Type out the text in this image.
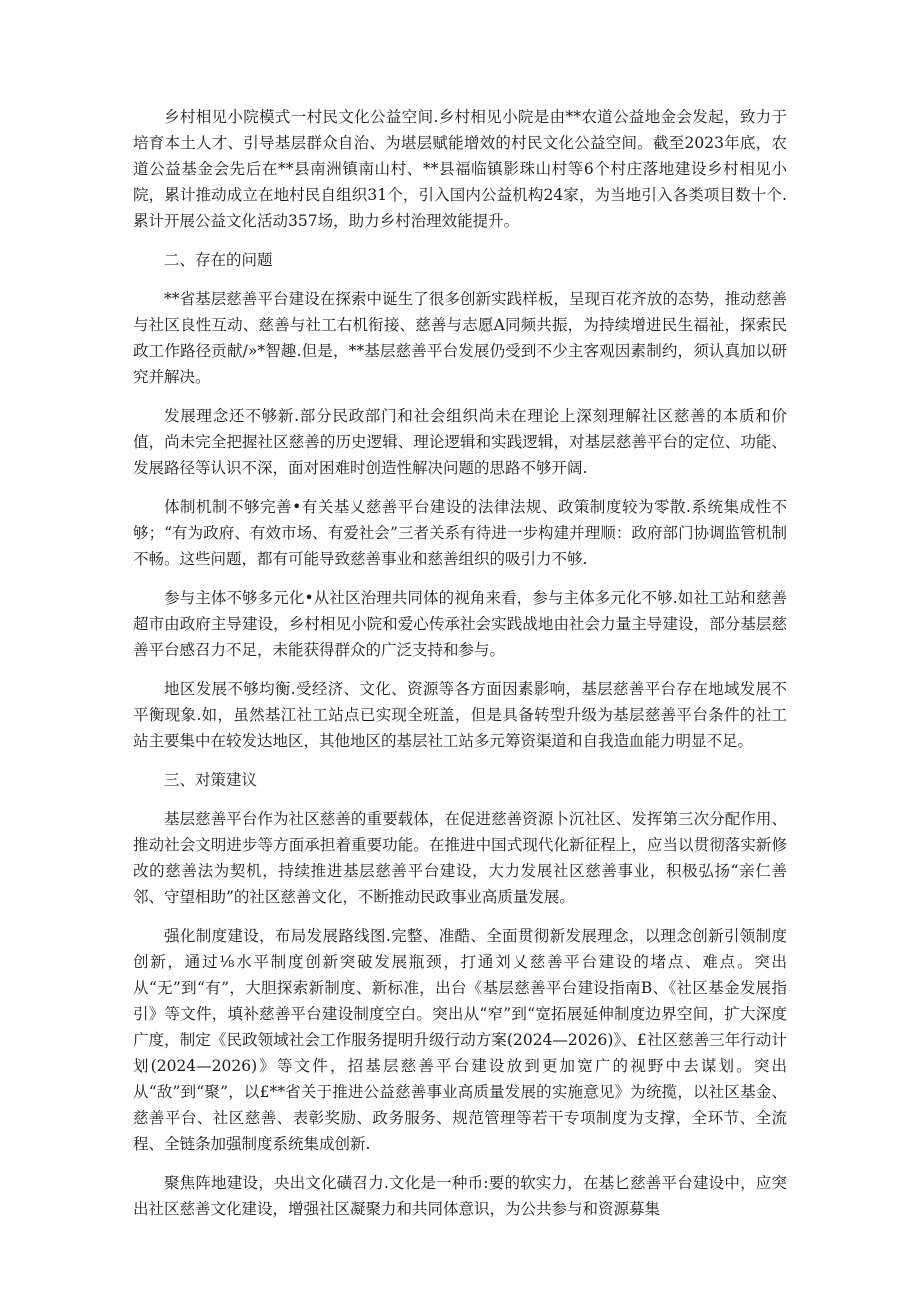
乡村相见小院模式一村民文化公益空间.乡村相见小院是由**农道公益地金会发起，致力于培育本土人才、引导基层群众自治、为堪层赋能增效的村民文化公益空间。截至2023年底，农道公益基金会先后在**县南洲镇南山村、**县福临镇影珠山村等6个村庄落地建设乡村相见小院，累计推动成立在地村民自组织31个，引入国内公益机构24家，为当地引入各类项目数十个.累计开展公益文化活动357场，助力乡村治理效能提升。

二、存在的问题

**省基层慈善平台建设在探索中诞生了很多创新实践样板，呈现百花齐放的态势，推动慈善与社区良性互动、慈善与社工右机衔接、慈善与志愿A同频共振，为持续增进民生福祉，探索民政工作路径贡献/»*智趣.但是，**基层慈善平台发展仍受到不少主客观因素制约，须认真加以研究并解决。

发展理念还不够新.部分民政部门和社会组织尚未在理论上深刻理解社区慈善的本质和价值，尚未完全把握社区慈善的历史逻辑、理论逻辑和实践逻辑，对基层慈善平台的定位、功能、发展路径等认识不深，面对困难时创造性解决问题的思路不够开阔.

体制机制不够完善•有关基乂慈善平台建设的法律法规、政策制度较为零散.系统集成性不够；“有为政府、有效市场、有爱社会”三者关系有待进一步构建并理顺：政府部门协调监管机制不畅。这些问题，都有可能导致慈善事业和慈善组织的吸引力不够.

参与主体不够多元化•从社区治理共同体的视角来看，参与主体多元化不够.如社工站和慈善超市由政府主导建设，乡村相见小院和爱心传承社会实践战地由社会力量主导建设，部分基层慈善平台感召力不足，未能获得群众的广泛支持和参与。

地区发展不够均衡.受经济、文化、资源等各方面因素影响，基层慈善平台存在地域发展不平衡现象.如，虽然基江社工站点已实现全班盖，但是具备转型升级为基层慈善平台条件的社工站主要集中在较发达地区，其他地区的基层社工站多元筹资渠道和自我造血能力明显不足。

三、对策建议

基层慈善平台作为社区慈善的重要载体，在促进慈善资源卜沉社区、发挥第三次分配作用、推动社会文明进步等方面承担着重要功能。在推进中国式现代化新征程上，应当以贯彻落实新修改的慈善法为契机，持续推进基层慈善平台建设，大力发展社区慈善事业，积极弘扬“亲仁善邻、守望相助”的社区慈善文化，不断推动民政事业高质量发展。

强化制度建设，布局发展路线图.完整、准酷、全面贯彻新发展理念，以理念创新引领制度创新，通过⅛水平制度创新突破发展瓶颈，打通刘乂慈善平台建设的堵点、难点。突出从“无”到“有”，大胆探索新制度、新标准，出台《基层慈善平台建设指南B、《社区基金发展指引》等文件，填补慈善平台建设制度空白。突出从“窄”到“宽拓展延伸制度边界空间，扩大深度广度，制定《民政领域社会工作服务提明升级行动方案(2024—2026)》、£社区慈善三年行动计划(2024—2026)》等文件，招基层慈善平台建设放到更加宽广的视野中去谋划。突出从“敌”到“聚”，以£**省关于推进公益慈善事业高质量发展的实施意见》为统揽，以社区基金、慈善平台、社区慈善、表彰奖励、政务服务、规范管理等若干专项制度为支撑，全环节、全流程、全链条加强制度系统集成创新.

聚焦阵地建设，央出文化磺召力.文化是一种币:要的软实力，在基匕慈善平台建设中，应突出社区慈善文化建设，增强社区凝聚力和共同体意识，为公共参与和资源募集
